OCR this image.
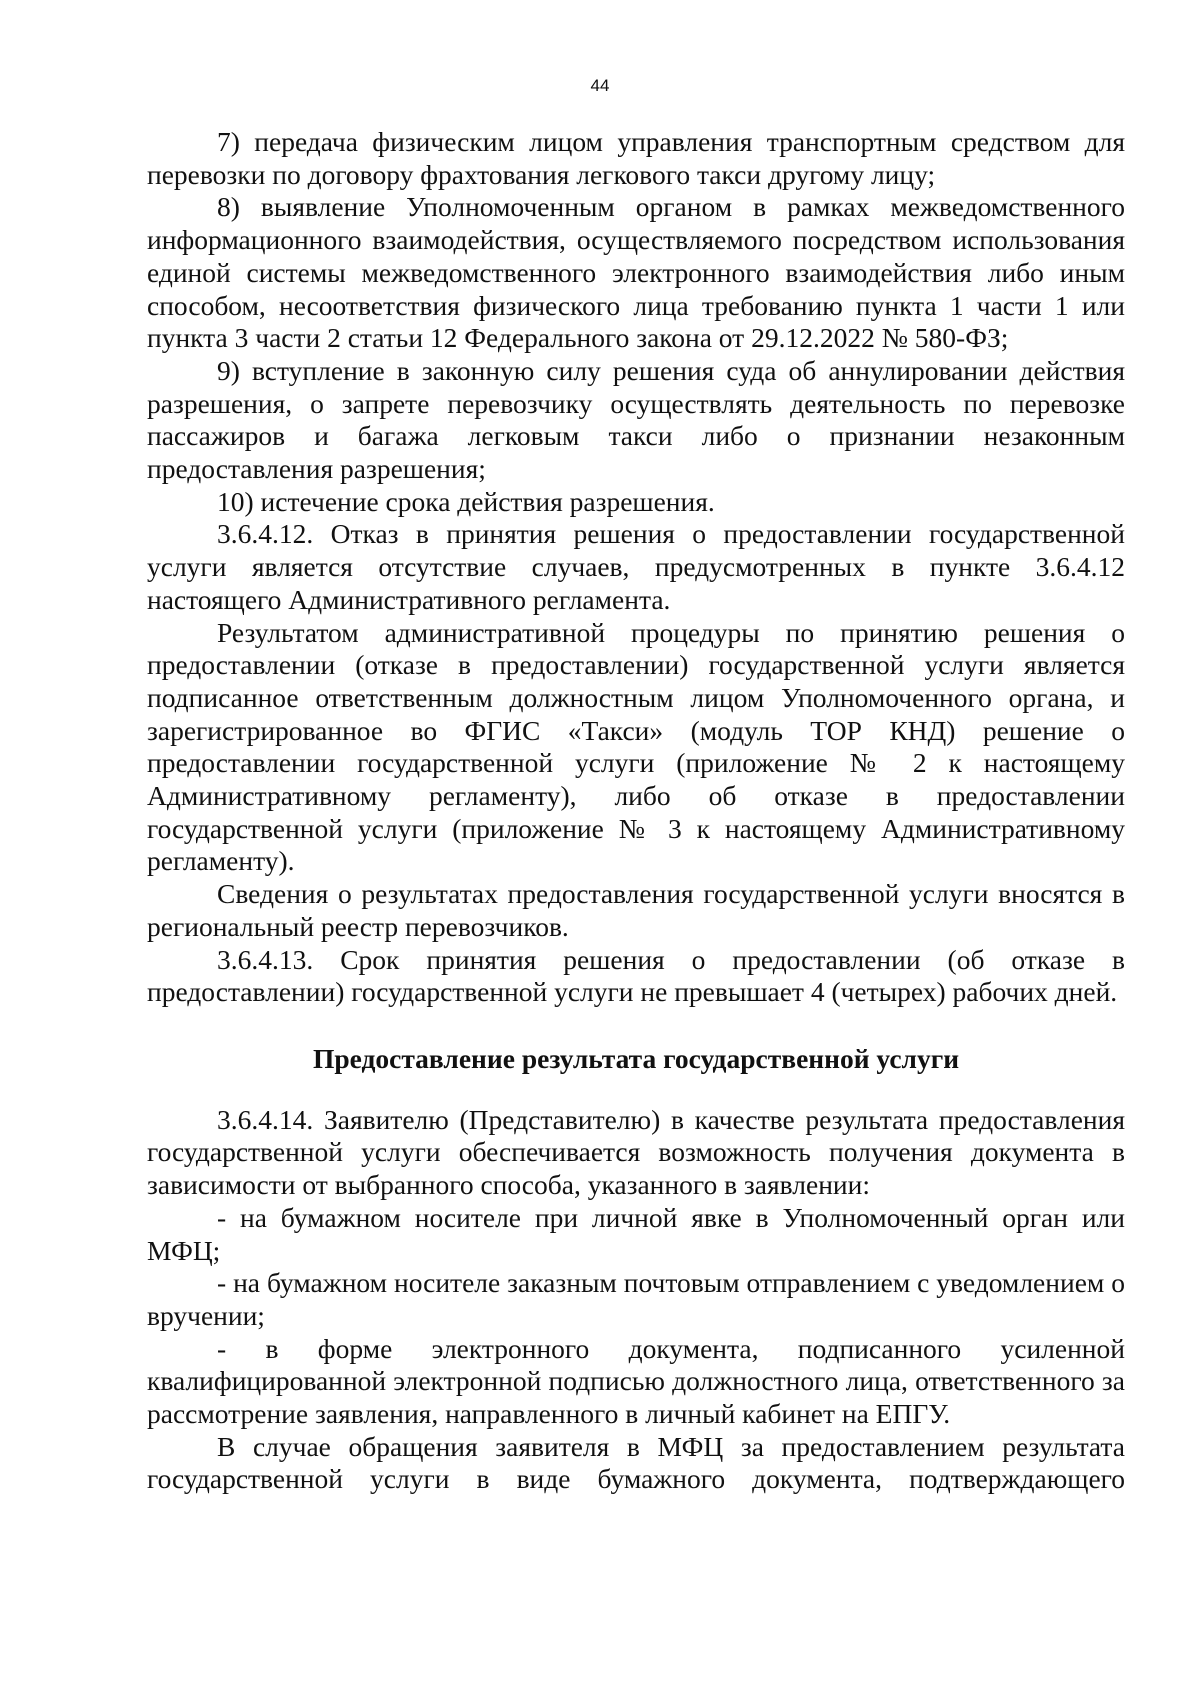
44

7) передача физическим лицом управления транспортным средством для перевозки по договору фрахтования легкового такси другому лицу;

8) выявление Уполномоченным органом в рамках межведомственного информационного взаимодействия, осуществляемого посредством использования единой системы межведомственного электронного взаимодействия либо иным способом, несоответствия физического лица требованию пункта 1 части 1 или пункта 3 части 2 статьи 12 Федерального закона от 29.12.2022 № 580-ФЗ;

9) вступление в законную силу решения суда об аннулировании действия разрешения, о запрете перевозчику осуществлять деятельность по перевозке пассажиров и багажа легковым такси либо о признании незаконным предоставления разрешения;

10) истечение срока действия разрешения.

3.6.4.12. Отказ в принятия решения о предоставлении государственной услуги является отсутствие случаев, предусмотренных в пункте 3.6.4.12 настоящего Административного регламента.

Результатом административной процедуры по принятию решения о предоставлении (отказе в предоставлении) государственной услуги является подписанное ответственным должностным лицом Уполномоченного органа, и зарегистрированное во ФГИС «Такси» (модуль ТОР КНД) решение о предоставлении государственной услуги (приложение № 2 к настоящему Административному регламенту), либо об отказе в предоставлении государственной услуги (приложение № 3 к настоящему Административному регламенту).

Сведения о результатах предоставления государственной услуги вносятся в региональный реестр перевозчиков.

3.6.4.13. Срок принятия решения о предоставлении (об отказе в предоставлении) государственной услуги не превышает 4 (четырех) рабочих дней.

Предоставление результата государственной услуги

3.6.4.14. Заявителю (Представителю) в качестве результата предоставления государственной услуги обеспечивается возможность получения документа в зависимости от выбранного способа, указанного в заявлении:

- на бумажном носителе при личной явке в Уполномоченный орган или МФЦ;

- на бумажном носителе заказным почтовым отправлением с уведомлением о вручении;

- в форме электронного документа, подписанного усиленной квалифицированной электронной подписью должностного лица, ответственного за рассмотрение заявления, направленного в личный кабинет на ЕПГУ.

В случае обращения заявителя в МФЦ за предоставлением результата государственной услуги в виде бумажного документа, подтверждающего
